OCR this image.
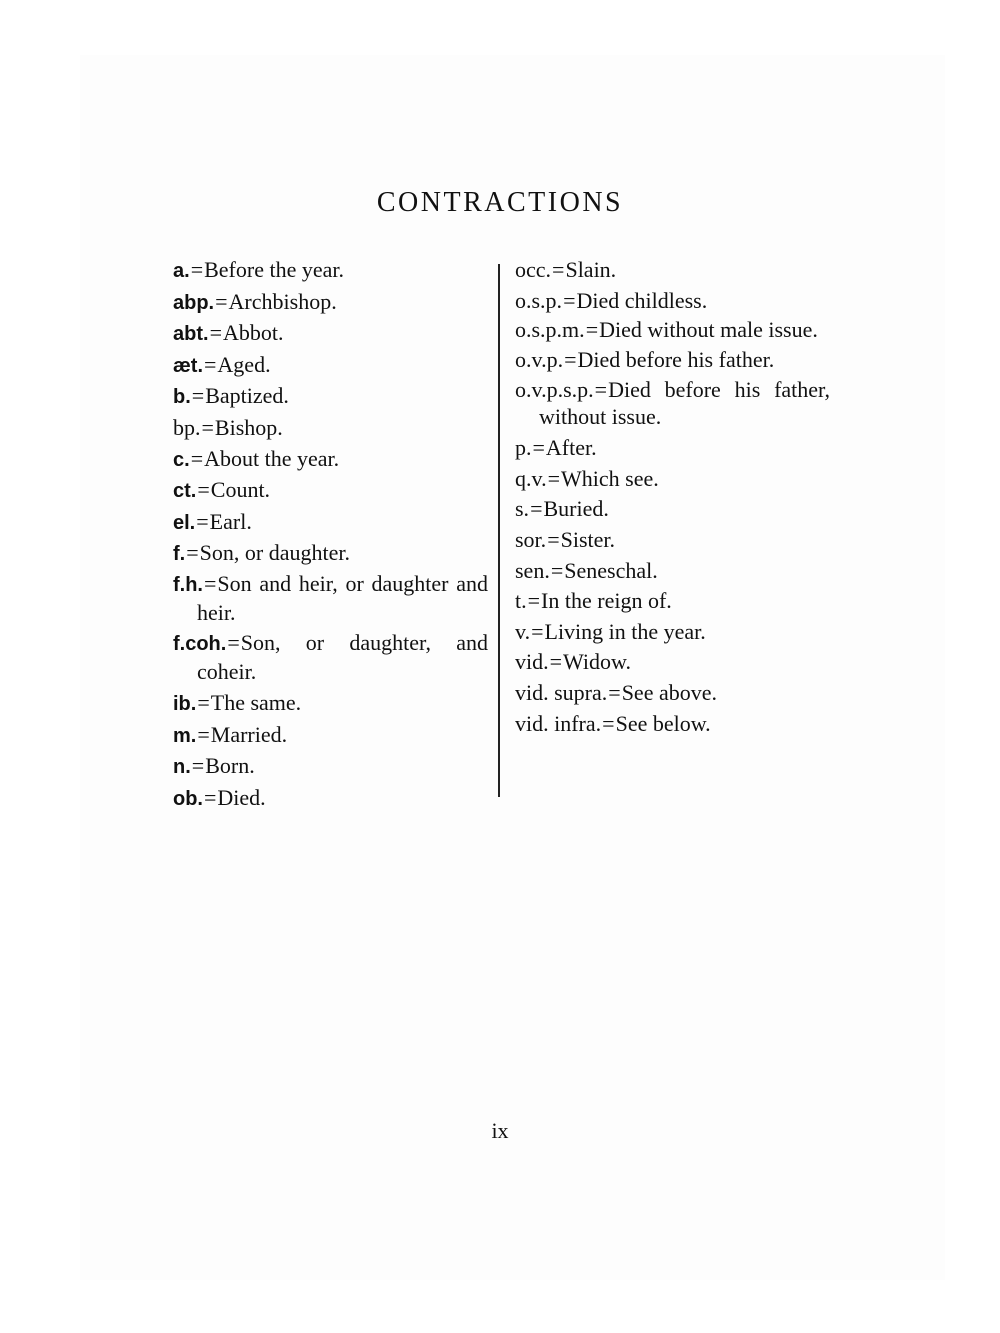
CONTRACTIONS
a.=Before the year.
abp.=Archbishop.
abt.=Abbot.
æt.=Aged.
b.=Baptized.
bp.=Bishop.
c.=About the year.
ct.=Count.
el.=Earl.
f.=Son, or daughter.
f.h.=Son and heir, or daughter and heir.
f.coh.=Son, or daughter, and coheir.
ib.=The same.
m.=Married.
n.=Born.
ob.=Died.
occ.=Slain.
o.s.p.=Died childless.
o.s.p.m.=Died without male issue.
o.v.p.=Died before his father.
o.v.p.s.p.=Died before his father, without issue.
p.=After.
q.v.=Which see.
s.=Buried.
sor.=Sister.
sen.=Seneschal.
t.=In the reign of.
v.=Living in the year.
vid.=Widow.
vid. supra.=See above.
vid. infra.=See below.
ix
